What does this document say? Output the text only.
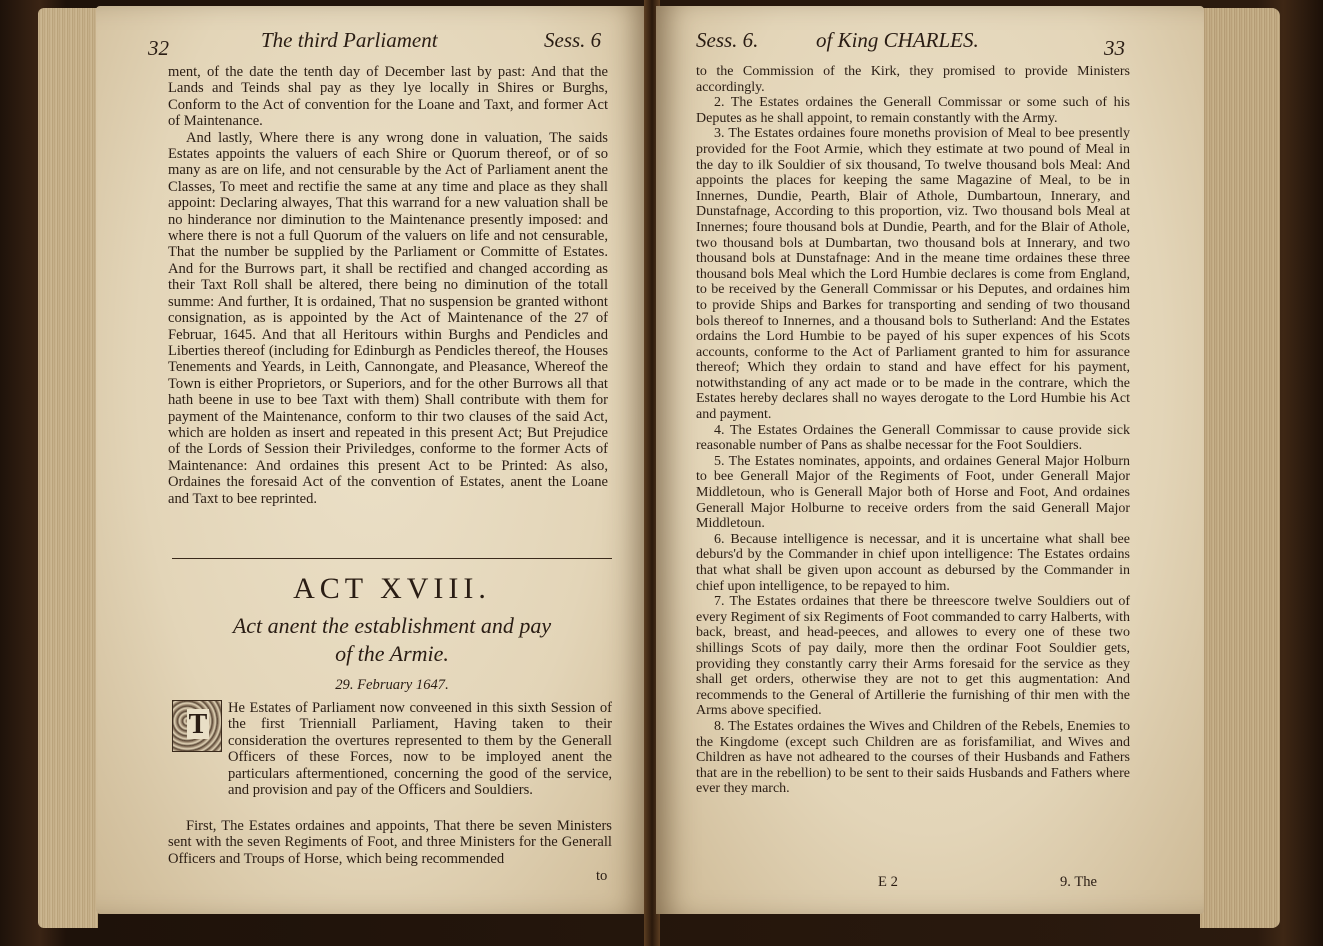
32	The third Parliament	Sess. 6

ment, of the date the tenth day of December last by past: And that the Lands and Teinds shal pay as they lye locally in Shires or Burghs, Conform to the Act of convention for the Loane and Taxt, and former Act of Maintenance.

And lastly, Where there is any wrong done in valuation, The saids Estates appoints the valuers of each Shire or Quorum thereof, or of so many as are on life, and not censurable by the Act of Parliament anent the Classes, To meet and rectifie the same at any time and place as they shall appoint: Declaring alwayes, That this warrand for a new valuation shall be no hinderance nor diminution to the Maintenance presently imposed: and where there is not a full Quorum of the valuers on life and not censurable, That the number be supplied by the Parliament or Committe of Estates. And for the Burrows part, it shall be rectified and changed according as their Taxt Roll shall be altered, there being no diminution of the totall summe: And further, It is ordained, That no suspension be granted withont consignation, as is appointed by the Act of Maintenance of the 27 of Februar, 1645. And that all Heritours within Burghs and Pendicles and Liberties thereof (including for Edinburgh as Pendicles thereof, the Houses Tenements and Yeards, in Leith, Cannongate, and Pleasance, Whereof the Town is either Proprietors, or Superiors, and for the other Burrows all that hath beene in use to bee Taxt with them) Shall contribute with them for payment of the Maintenance, conform to thir two clauses of the said Act, which are holden as insert and repeated in this present Act; But Prejudice of the Lords of Session their Priviledges, conforme to the former Acts of Maintenance: And ordaines this present Act to be Printed: As also, Ordaines the foresaid Act of the convention of Estates, anent the Loane and Taxt to bee reprinted.

ACT XVIII.
Act anent the establishment and pay
of the Armie.
29. February 1647.
T

He Estates of Parliament now conveened in this sixth Session of the first Trienniall Parliament, Having taken to their consideration the overtures represented to them by the Generall Officers of these Forces, now to be imployed anent the particulars aftermentioned, concerning the good of the service, and provision and pay of the Officers and Souldiers.

First, The Estates ordaines and appoints, That there be seven Ministers sent with the seven Regiments of Foot, and three Ministers for the Generall Officers and Troups of Horse, which being recommended

to
Sess. 6.	of King CHARLES.	33

to the Commission of the Kirk, they promised to provide Ministers accordingly.

2. The Estates ordaines the Generall Commissar or some such of his Deputes as he shall appoint, to remain constantly with the Army.

3. The Estates ordaines foure moneths provision of Meal to bee presently provided for the Foot Armie, which they estimate at two pound of Meal in the day to ilk Souldier of six thousand, To twelve thousand bols Meal: And appoints the places for keeping the same Magazine of Meal, to be in Innernes, Dundie, Pearth, Blair of Athole, Dumbartoun, Innerary, and Dunstafnage, According to this proportion, viz. Two thousand bols Meal at Innernes; foure thousand bols at Dundie, Pearth, and for the Blair of Athole, two thousand bols at Dumbartan, two thousand bols at Innerary, and two thousand bols at Dunstafnage: And in the meane time ordaines these three thousand bols Meal which the Lord Humbie declares is come from England, to be received by the Generall Commissar or his Deputes, and ordaines him to provide Ships and Barkes for transporting and sending of two thousand bols thereof to Innernes, and a thousand bols to Sutherland: And the Estates ordains the Lord Humbie to be payed of his super expences of his Scots accounts, conforme to the Act of Parliament granted to him for assurance thereof; Which they ordain to stand and have effect for his payment, notwithstanding of any act made or to be made in the contrare, which the Estates hereby declares shall no wayes derogate to the Lord Humbie his Act and payment.

4. The Estates Ordaines the Generall Commissar to cause provide sick reasonable number of Pans as shalbe necessar for the Foot Souldiers.

5. The Estates nominates, appoints, and ordaines General Major Holburn to bee Generall Major of the Regiments of Foot, under Generall Major Middletoun, who is Generall Major both of Horse and Foot, And ordaines Generall Major Holburne to receive orders from the said Generall Major Middletoun.

6. Because intelligence is necessar, and it is uncertaine what shall bee deburs'd by the Commander in chief upon intelligence: The Estates ordains that what shall be given upon account as debursed by the Commander in chief upon intelligence, to be repayed to him.

7. The Estates ordaines that there be threescore twelve Souldiers out of every Regiment of six Regiments of Foot commanded to carry Halberts, with back, breast, and head-peeces, and allowes to every one of these two shillings Scots of pay daily, more then the ordinar Foot Souldier gets, providing they constantly carry their Arms foresaid for the service as they shall get orders, otherwise they are not to get this augmentation: And recommends to the General of Artillerie the furnishing of thir men with the Arms above specified.

8. The Estates ordaines the Wives and Children of the Rebels, Enemies to the Kingdome (except such Children are as forisfamiliat, and Wives and Children as have not adheared to the courses of their Husbands and Fathers that are in the rebellion) to be sent to their saids Husbands and Fathers where ever they march.

E 2	9. The
